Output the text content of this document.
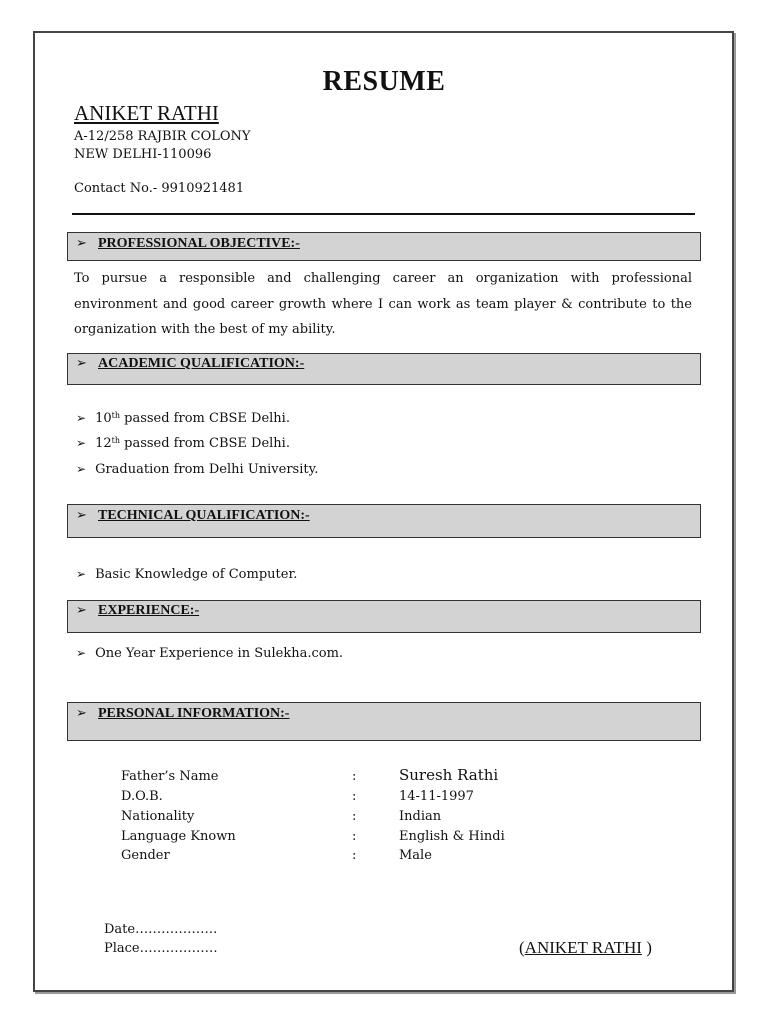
RESUME
ANIKET RATHI
A-12/258 RAJBIR COLONY
NEW DELHI-110096
Contact No.- 9910921481
➢ PROFESSIONAL OBJECTIVE:-
To pursue a responsible and challenging career an organization with professional environment and good career growth where I can work as team player & contribute to the organization with the best of my ability.
➢ ACADEMIC QUALIFICATION:-
➢ 10th passed from CBSE Delhi.
➢ 12th passed from CBSE Delhi.
➢ Graduation from Delhi University.
➢ TECHNICAL QUALIFICATION:-
➢ Basic Knowledge of Computer.
➢ EXPERIENCE:-
➢ One Year Experience in Sulekha.com.
➢ PERSONAL INFORMATION:-
Father’s Name	:	Suresh Rathi
D.O.B.	:	14-11-1997
Nationality	:	Indian
Language Known	:	English & Hindi
Gender	:	Male
Date……………….
Place………………	(ANIKET RATHI )
